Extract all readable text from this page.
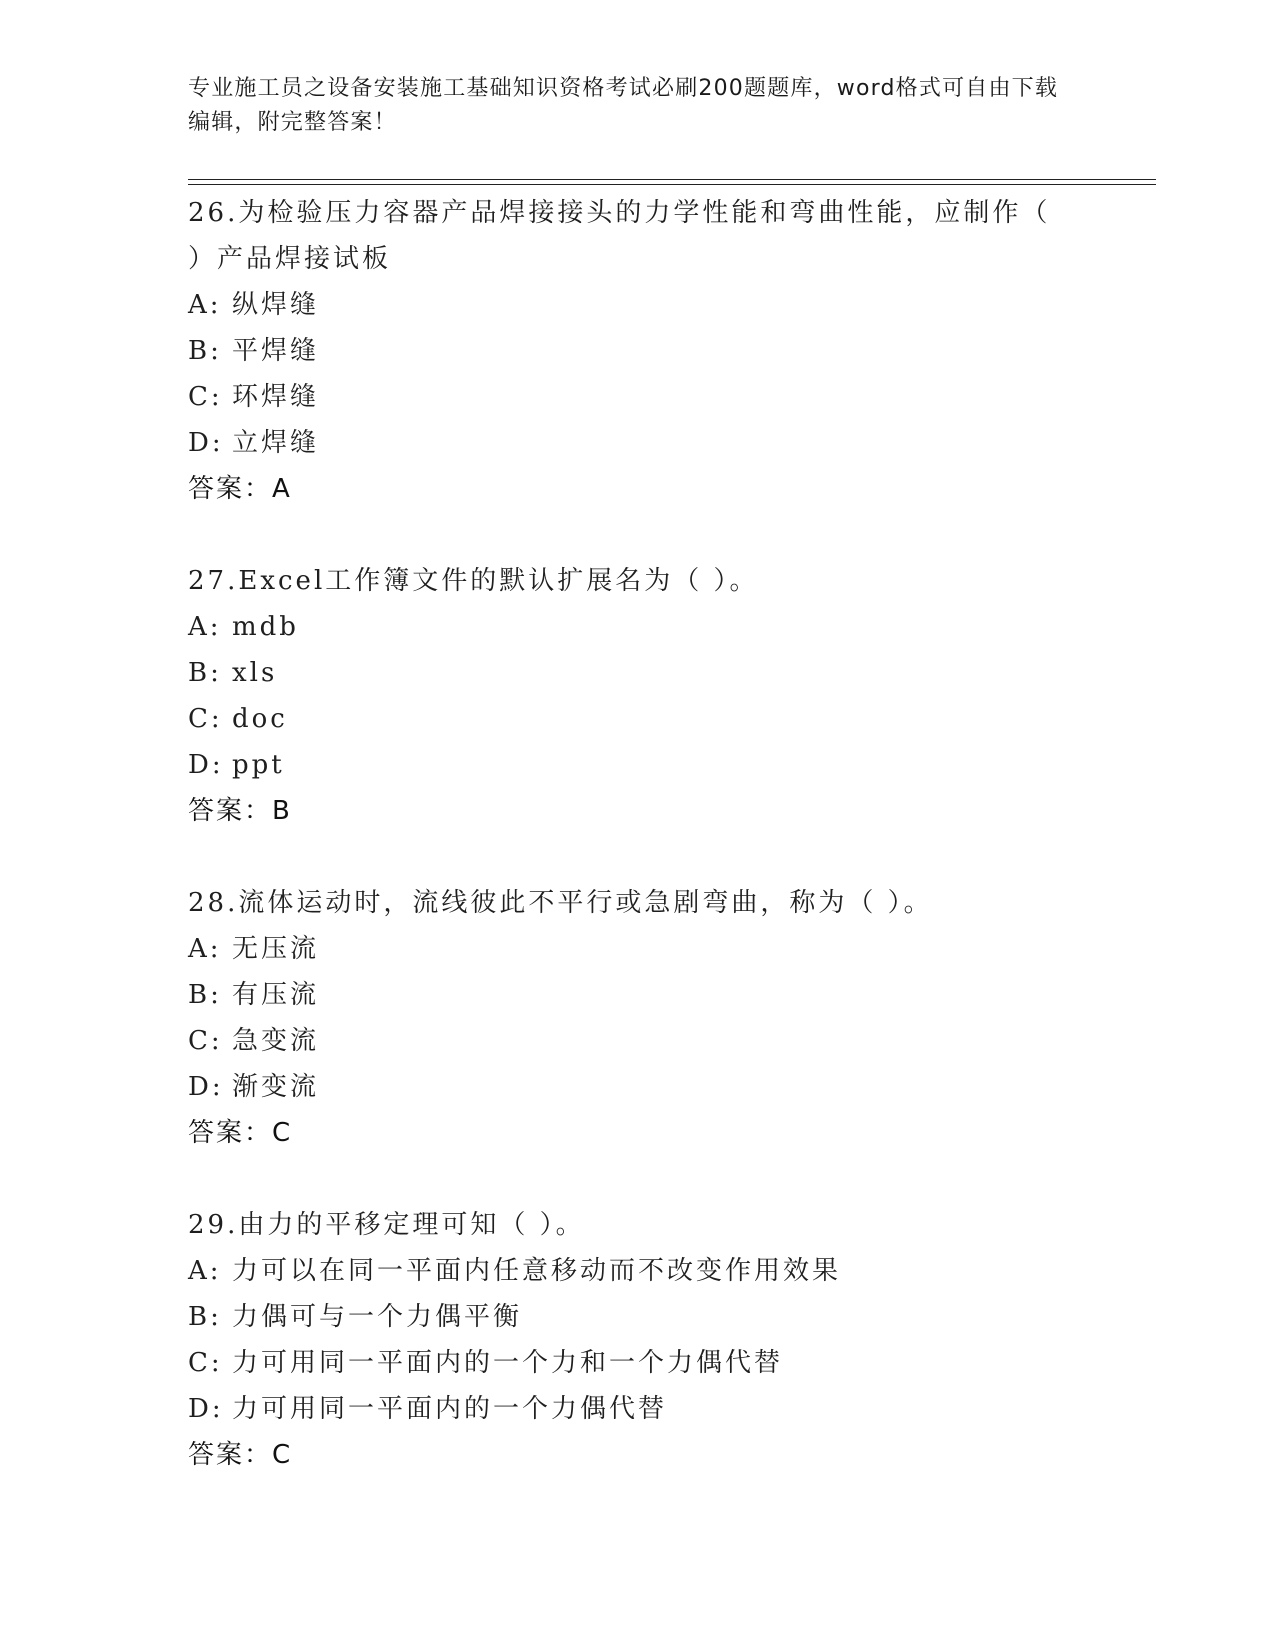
专业施工员之设备安装施工基础知识资格考试必刷200题题库，word格式可自由下载编辑，附完整答案！
26.为检验压力容器产品焊接接头的力学性能和弯曲性能，应制作（ ）产品焊接试板
A: 纵焊缝
B: 平焊缝
C: 环焊缝
D: 立焊缝
答案：A
27.Excel工作簿文件的默认扩展名为（ ）。
A: mdb
B: xls
C: doc
D: ppt
答案：B
28.流体运动时，流线彼此不平行或急剧弯曲，称为（ ）。
A: 无压流
B: 有压流
C: 急变流
D: 渐变流
答案：C
29.由力的平移定理可知（ ）。
A: 力可以在同一平面内任意移动而不改变作用效果
B: 力偶可与一个力偶平衡
C: 力可用同一平面内的一个力和一个力偶代替
D: 力可用同一平面内的一个力偶代替
答案：C
